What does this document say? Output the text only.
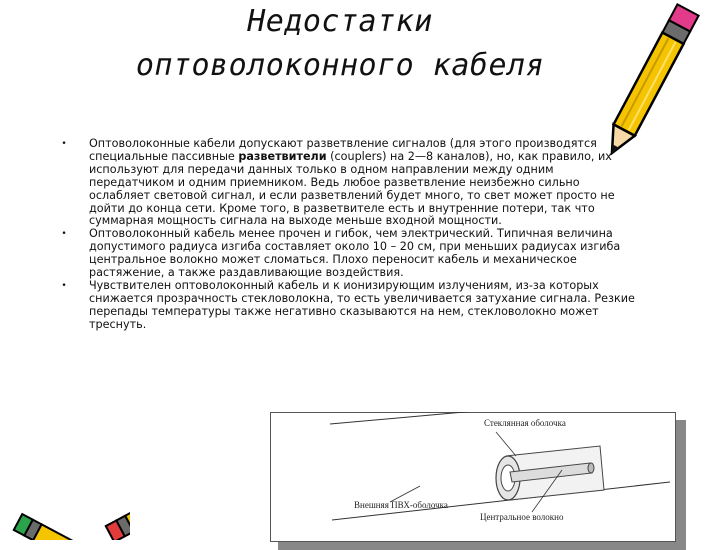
Недостатки
оптоволоконного кабеля
• Оптоволоконные кабели допускают разветвление сигналов (для этого производятся специальные пассивные разветвители (couplers) на 2—8 каналов), но, как правило, их используют для передачи данных только в одном направлении между одним передатчиком и одним приемником. Ведь любое разветвление неизбежно сильно ослабляет световой сигнал, и если разветвлений будет много, то свет может просто не дойти до конца сети. Кроме того, в разветвителе есть и внутренние потери, так что суммарная мощность сигнала на выходе меньше входной мощности.
• Оптоволоконный кабель менее прочен и гибок, чем электрический. Типичная величина допустимого радиуса изгиба составляет около 10 – 20 см, при меньших радиусах изгиба центральное волокно может сломаться. Плохо переносит кабель и механическое растяжение, а также раздавливающие воздействия.
• Чувствителен оптоволоконный кабель и к ионизирующим излучениям, из-за которых снижается прозрачность стекловолокна, то есть увеличивается затухание сигнала. Резкие перепады температуры также негативно сказываются на нем, стекловолокно может треснуть.
Стеклянная оболочка
Внешняя ПВХ-оболочка
Центральное волокно
